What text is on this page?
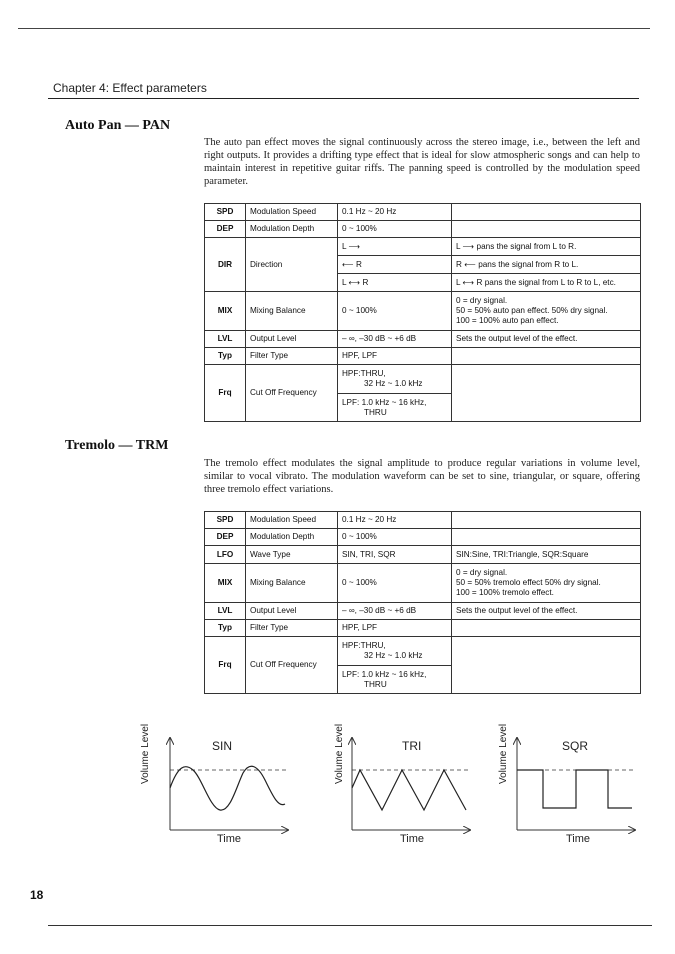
Chapter 4: Effect parameters
Auto Pan — PAN
The auto pan effect moves the signal continuously across the stereo image, i.e., between the left and right outputs. It provides a drifting type effect that is ideal for slow atmospheric songs and can help to maintain interest in repetitive guitar riffs. The panning speed is controlled by the modulation speed parameter.
SPD	Modulation Speed	0.1 Hz ~ 20 Hz	
DEP	Modulation Depth	0 ~ 100%	
DIR	Direction	L ⟶	L ⟶ pans the signal from L to R.
		⟵ R	R ⟵ pans the signal from R to L.
		L ⟷ R	L ⟷ R pans the signal from L to R to L, etc.
MIX	Mixing Balance	0 ~ 100%	0 = dry signal.
50 = 50% auto pan effect. 50% dry signal.
100 = 100% auto pan effect.

LVL	Output Level	– ∞, –30 dB ~ +6 dB	Sets the output level of the effect.
Typ	Filter Type	HPF, LPF	
Frq	Cut Off Frequency	HPF:THRU,
32 Hz ~ 1.0 kHz	

		LPF: 1.0 kHz ~ 16 kHz,
THRU	
Tremolo — TRM
The tremolo effect modulates the signal amplitude to produce regular variations in volume level, similar to vocal vibrato. The modulation waveform can be set to sine, triangular, or square, offering three tremolo effect variations.
SPD	Modulation Speed	0.1 Hz ~ 20 Hz	
DEP	Modulation Depth	0 ~ 100%	
LFO	Wave Type	SIN, TRI, SQR	SIN:Sine, TRI:Triangle, SQR:Square
MIX	Mixing Balance	0 ~ 100%	0 = dry signal.
50 = 50% tremolo effect 50% dry signal.
100 = 100% tremolo effect.

LVL	Output Level	– ∞, –30 dB ~ +6 dB	Sets the output level of the effect.
Typ	Filter Type	HPF, LPF	
Frq	Cut Off Frequency	HPF:THRU,
32 Hz ~ 1.0 kHz	

		LPF: 1.0 kHz ~ 16 kHz,
THRU	
SIN
Time
TRI
Time
SQR
Time
Volume Level	Volume Level	Volume Level
18
